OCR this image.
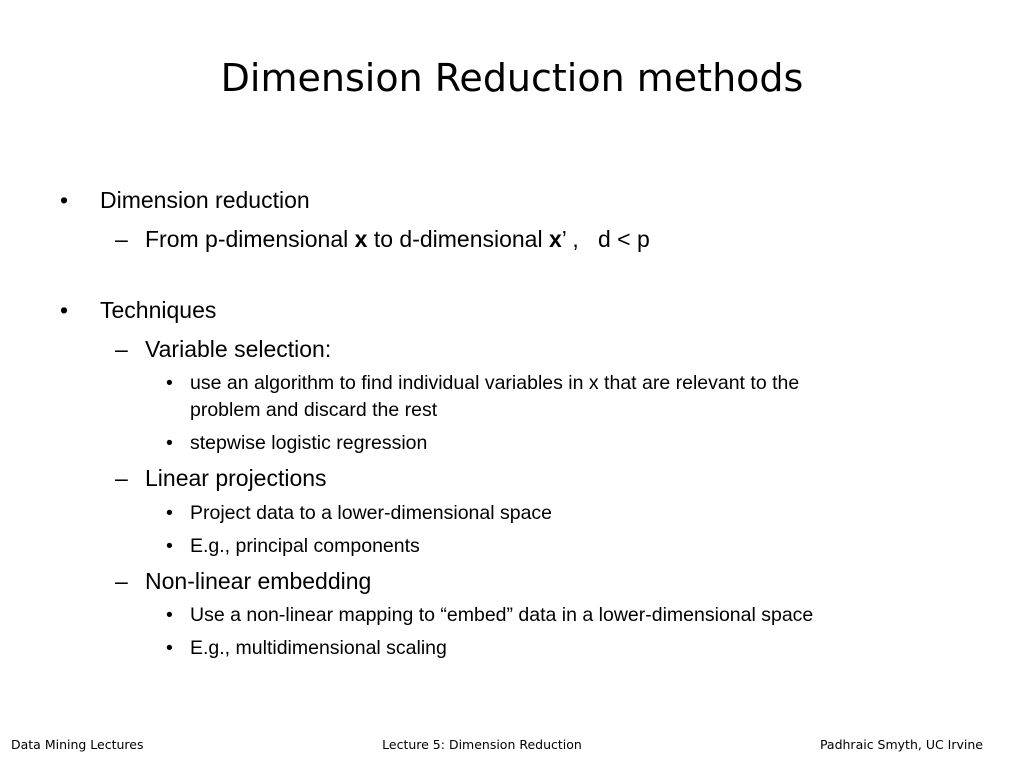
Dimension Reduction methods
• Dimension reduction
– From p-dimensional x to d-dimensional x’ ,   d < p
• Techniques
– Variable selection:
• use an algorithm to find individual variables in x that are relevant to the
problem and discard the rest
• stepwise logistic regression
– Linear projections
• Project data to a lower-dimensional space
• E.g., principal components
– Non-linear embedding
• Use a non-linear mapping to “embed” data in a lower-dimensional space
• E.g., multidimensional scaling
Data Mining Lectures	Lecture 5: Dimension Reduction	Padhraic Smyth, UC Irvine
